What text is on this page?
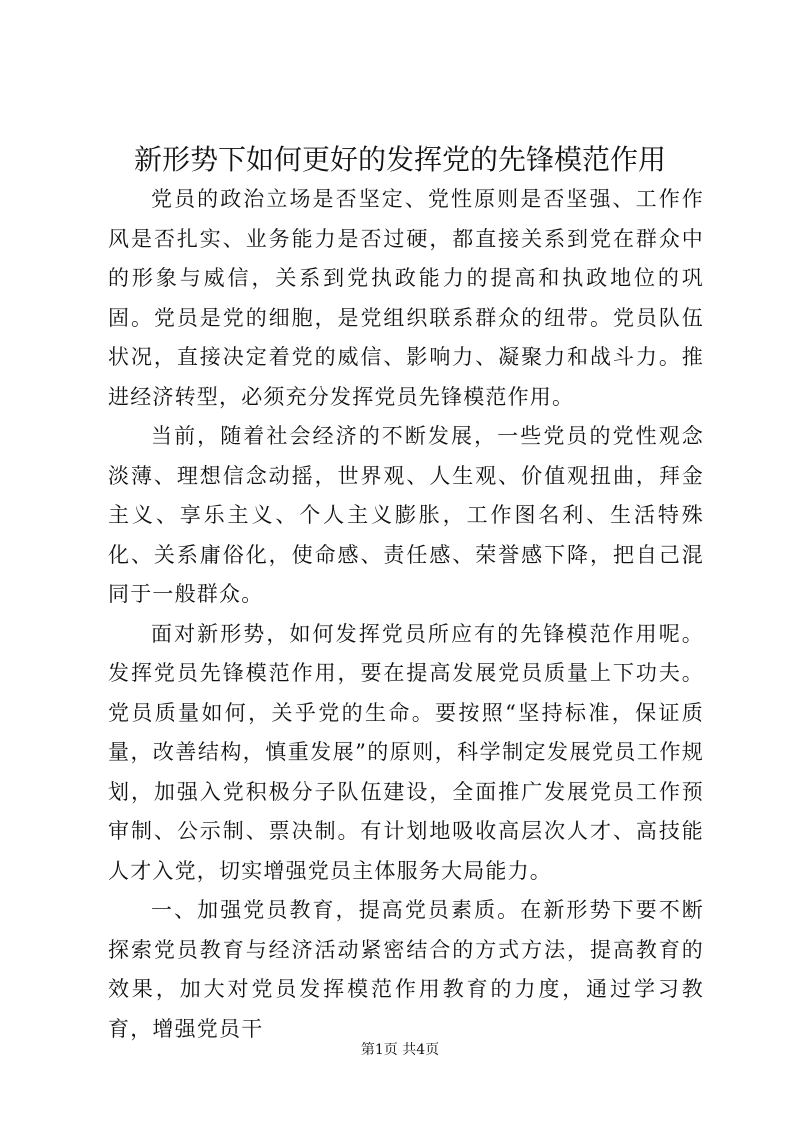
新形势下如何更好的发挥党的先锋模范作用

党员的政治立场是否坚定、党性原则是否坚强、工作作风是否扎实、业务能力是否过硬，都直接关系到党在群众中的形象与威信，关系到党执政能力的提高和执政地位的巩固。党员是党的细胞，是党组织联系群众的纽带。党员队伍状况，直接决定着党的威信、影响力、凝聚力和战斗力。推进经济转型，必须充分发挥党员先锋模范作用。

当前，随着社会经济的不断发展，一些党员的党性观念淡薄、理想信念动摇，世界观、人生观、价值观扭曲，拜金主义、享乐主义、个人主义膨胀，工作图名利、生活特殊化、关系庸俗化，使命感、责任感、荣誉感下降，把自己混同于一般群众。

面对新形势，如何发挥党员所应有的先锋模范作用呢。发挥党员先锋模范作用，要在提高发展党员质量上下功夫。党员质量如何，关乎党的生命。要按照“坚持标准，保证质量，改善结构，慎重发展”的原则，科学制定发展党员工作规划，加强入党积极分子队伍建设，全面推广发展党员工作预审制、公示制、票决制。有计划地吸收高层次人才、高技能人才入党，切实增强党员主体服务大局能力。

一、加强党员教育，提高党员素质。在新形势下要不断探索党员教育与经济活动紧密结合的方式方法，提高教育的效果，加大对党员发挥模范作用教育的力度，通过学习教育，增强党员干

第1页 共4页
